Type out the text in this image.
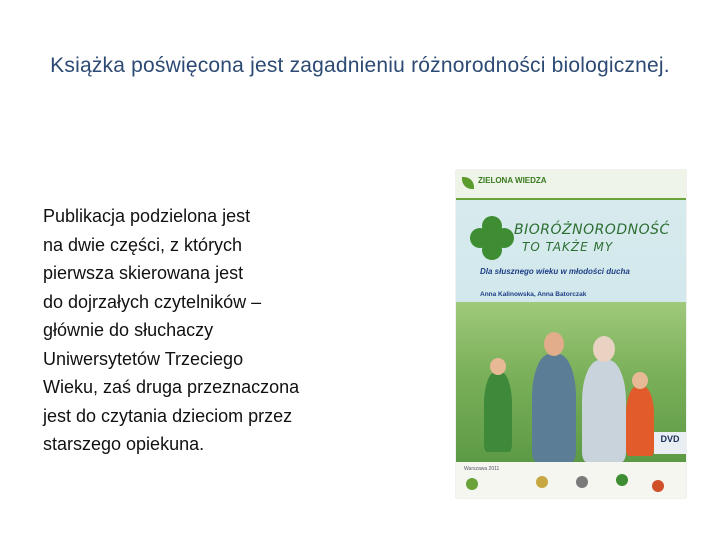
Książka poświęcona jest zagadnieniu różnorodności biologicznej.
Publikacja podzielona jest
na dwie części, z których
pierwsza skierowana jest
do dojrzałych czytelników –
głównie do słuchaczy
Uniwersytetów Trzeciego
Wieku, zaś druga przeznaczona
jest do czytania dzieciom przez
starszego opiekuna.
ZIELONA WIEDZA
BIORÓŻNORODNOŚĆ
TO TAKŻE MY
Dla słusznego wieku w młodości ducha
Anna Kalinowska, Anna Batorczak
DVD
Warszawa 2011
